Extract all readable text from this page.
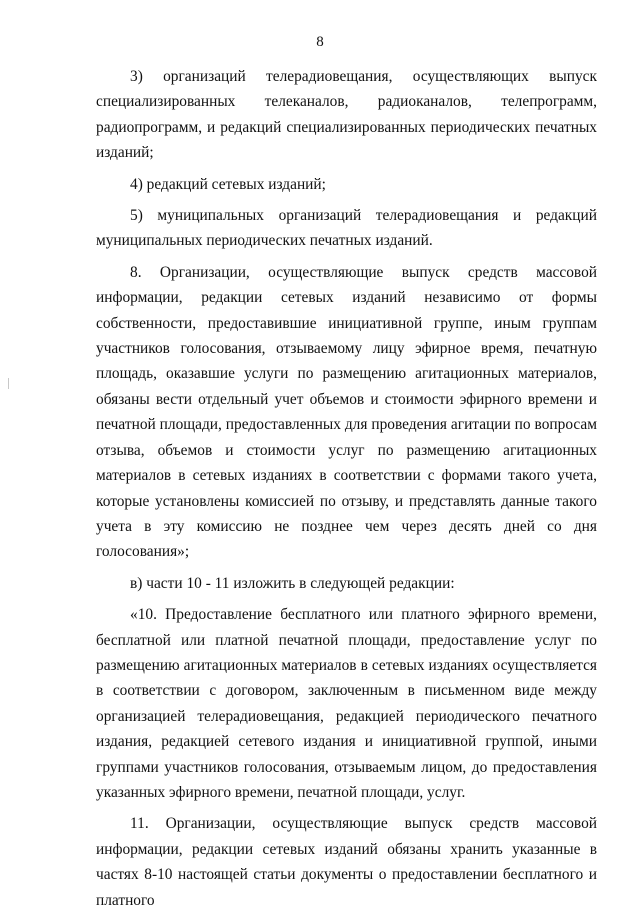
8

3) организаций телерадиовещания, осуществляющих выпуск специализированных телеканалов, радиоканалов, телепрограмм, радиопрограмм, и редакций специализированных периодических печатных изданий;

4) редакций сетевых изданий;

5) муниципальных организаций телерадиовещания и редакций муниципальных периодических печатных изданий.

8. Организации, осуществляющие выпуск средств массовой информации, редакции сетевых изданий независимо от формы собственности, предоставившие инициативной группе, иным группам участников голосования, отзываемому лицу эфирное время, печатную площадь, оказавшие услуги по размещению агитационных материалов, обязаны вести отдельный учет объемов и стоимости эфирного времени и печатной площади, предоставленных для проведения агитации по вопросам отзыва, объемов и стоимости услуг по размещению агитационных материалов в сетевых изданиях в соответствии с формами такого учета, которые установлены комиссией по отзыву, и представлять данные такого учета в эту комиссию не позднее чем через десять дней со дня голосования»;

в) части 10 - 11 изложить в следующей редакции:

«10. Предоставление бесплатного или платного эфирного времени, бесплатной или платной печатной площади, предоставление услуг по размещению агитационных материалов в сетевых изданиях осуществляется в соответствии с договором, заключенным в письменном виде между организацией телерадиовещания, редакцией периодического печатного издания, редакцией сетевого издания и инициативной группой, иными группами участников голосования, отзываемым лицом, до предоставления указанных эфирного времени, печатной площади, услуг.

11. Организации, осуществляющие выпуск средств массовой информации, редакции сетевых изданий обязаны хранить указанные в частях 8-10 настоящей статьи документы о предоставлении бесплатного и платного
